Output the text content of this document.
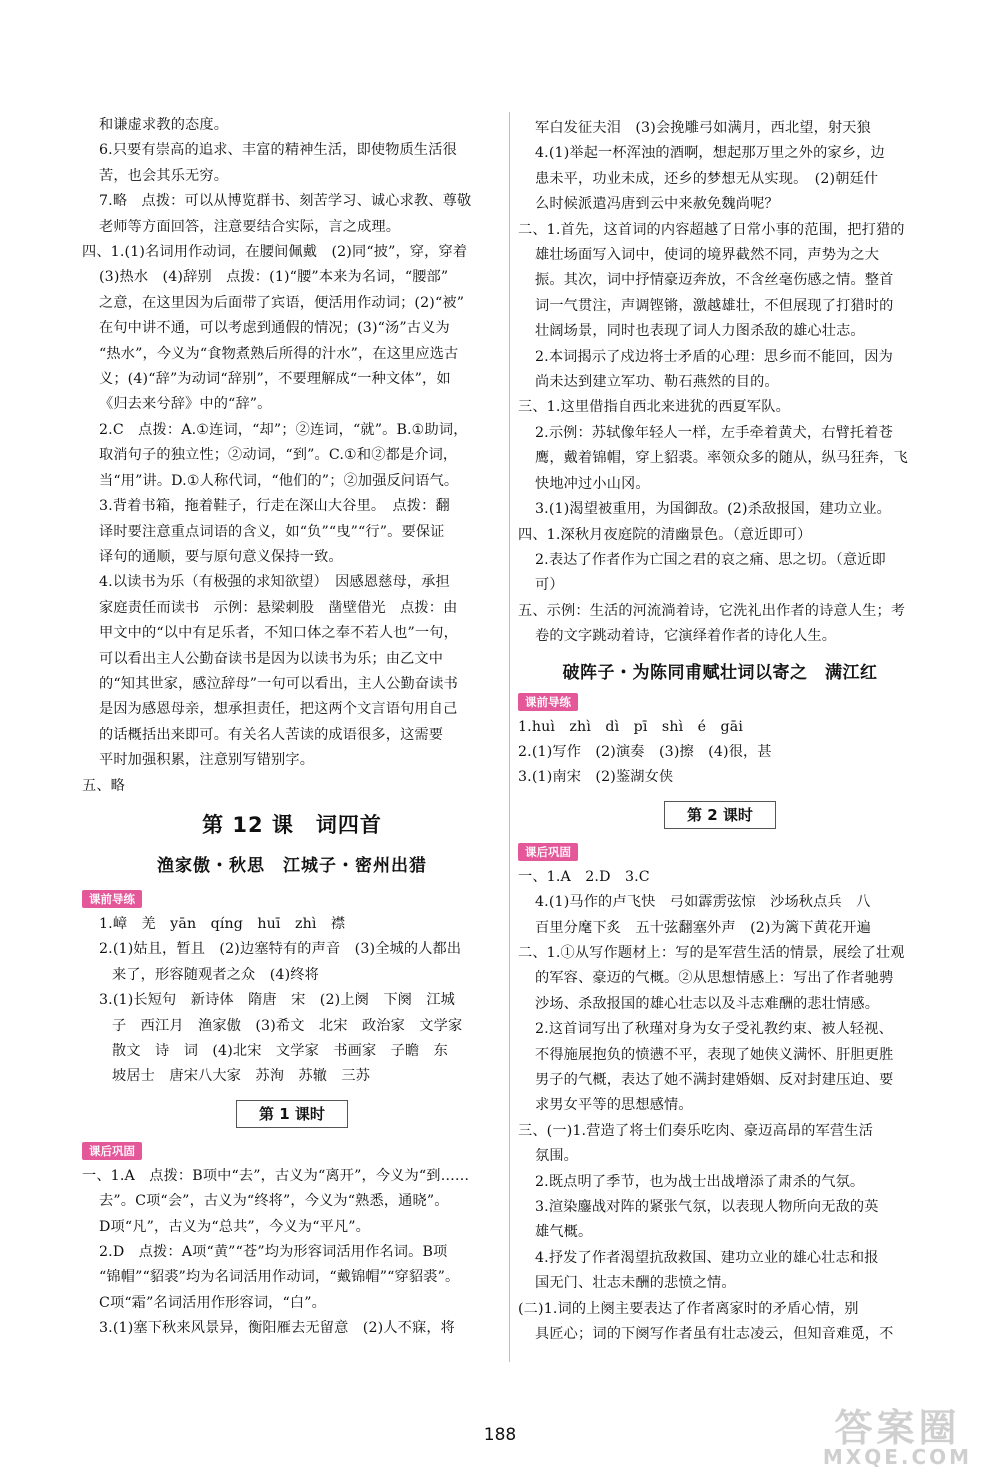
和谦虚求教的态度。
6.只要有崇高的追求、丰富的精神生活，即使物质生活很
苦，也会其乐无穷。
7.略　点拨：可以从博览群书、刻苦学习、诚心求教、尊敬
老师等方面回答，注意要结合实际，言之成理。
四、1.(1)名词用作动词，在腰间佩戴　(2)同“披”，穿，穿着
(3)热水　(4)辞别　点拨：(1)“腰”本来为名词，“腰部”
之意，在这里因为后面带了宾语，便活用作动词；(2)“被”
在句中讲不通，可以考虑到通假的情况；(3)“汤”古义为
“热水”，今义为“食物煮熟后所得的汁水”，在这里应选古
义；(4)“辞”为动词“辞别”，不要理解成“一种文体”，如
《归去来兮辞》中的“辞”。
2.C　点拨：A.①连词，“却”；②连词，“就”。B.①助词，
取消句子的独立性；②动词，“到”。C.①和②都是介词，
当“用”讲。D.①人称代词，“他们的”；②加强反问语气。
3.背着书箱，拖着鞋子，行走在深山大谷里。　点拨：翻
译时要注意重点词语的含义，如“负”“曳”“行”。要保证
译句的通顺，要与原句意义保持一致。
4.以读书为乐（有极强的求知欲望）　因感恩慈母，承担
家庭责任而读书　示例：悬梁刺股　凿壁借光　点拨：由
甲文中的“以中有足乐者，不知口体之奉不若人也”一句，
可以看出主人公勤奋读书是因为以读书为乐；由乙文中
的“知其世家，感泣辞母”一句可以看出，主人公勤奋读书
是因为感恩母亲，想承担责任，把这两个文言语句用自己
的话概括出来即可。有关名人苦读的成语很多，这需要
平时加强积累，注意别写错别字。
五、略
第 12 课　词四首
渔家傲・秋思　江城子・密州出猎
课前导练
1.嶂　羌　yān　qíng　huī　zhì　襟
2.(1)姑且，暂且　(2)边塞特有的声音　(3)全城的人都出
来了，形容随观者之众　(4)终将
3.(1)长短句　新诗体　隋唐　宋　(2)上阕　下阕　江城
子　西江月　渔家傲　(3)希文　北宋　政治家　文学家
散文　诗　词　(4)北宋　文学家　书画家　子瞻　东
坡居士　唐宋八大家　苏洵　苏辙　三苏
第 1 课时
课后巩固
一、1.A　点拨：B项中“去”，古义为“离开”，今义为“到……
去”。C项“会”，古义为“终将”，今义为“熟悉，通晓”。
D项“凡”，古义为“总共”，今义为“平凡”。
2.D　点拨：A项“黄”“苍”均为形容词活用作名词。B项
“锦帽”“貂裘”均为名词活用作动词，“戴锦帽”“穿貂裘”。
C项“霜”名词活用作形容词，“白”。
3.(1)塞下秋来风景异，衡阳雁去无留意　(2)人不寐，将
军白发征夫泪　(3)会挽雕弓如满月，西北望，射天狼
4.(1)举起一杯浑浊的酒啊，想起那万里之外的家乡，边
患未平，功业未成，还乡的梦想无从实现。　(2)朝廷什
么时候派遣冯唐到云中来赦免魏尚呢？
二、1.首先，这首词的内容超越了日常小事的范围，把打猎的
雄壮场面写入词中，使词的境界截然不同，声势为之大
振。其次，词中抒情豪迈奔放，不含丝毫伤感之情。整首
词一气贯注，声调铿锵，激越雄壮，不但展现了打猎时的
壮阔场景，同时也表现了词人力图杀敌的雄心壮志。
2.本词揭示了戍边将士矛盾的心理：思乡而不能回，因为
尚未达到建立军功、勒石燕然的目的。
三、1.这里借指自西北来进犹的西夏军队。
2.示例：苏轼像年轻人一样，左手牵着黄犬，右臂托着苍
鹰，戴着锦帽，穿上貂裘。率领众多的随从，纵马狂奔，飞
快地冲过小山冈。
3.(1)渴望被重用，为国御敌。(2)杀敌报国，建功立业。
四、1.深秋月夜庭院的清幽景色。（意近即可）
2.表达了作者作为亡国之君的哀之痛、思之切。（意近即
可）
五、示例：生活的河流淌着诗，它洗礼出作者的诗意人生；考
卷的文字跳动着诗，它演绎着作者的诗化人生。
破阵子・为陈同甫赋壮词以寄之　满江红
课前导练
1.huì　zhì　dì　pī　shì　é　gāi
2.(1)写作　(2)演奏　(3)擦　(4)很，甚
3.(1)南宋　(2)鉴湖女侠
第 2 课时
课后巩固
一、1.A　2.D　3.C
4.(1)马作的卢飞快　弓如霹雳弦惊　沙场秋点兵　八
百里分麾下炙　五十弦翻塞外声　(2)为篱下黄花开遍
二、1.①从写作题材上：写的是军营生活的情景，展绘了壮观
的军容、豪迈的气概。②从思想情感上：写出了作者驰骋
沙场、杀敌报国的雄心壮志以及斗志难酬的悲壮情感。
2.这首词写出了秋瑾对身为女子受礼教约束、被人轻视、
不得施展抱负的愤懑不平，表现了她侠义满怀、肝胆更胜
男子的气概，表达了她不满封建婚姻、反对封建压迫、要
求男女平等的思想感情。
三、(一)1.营造了将士们奏乐吃肉、豪迈高昂的军营生活
氛围。
2.既点明了季节，也为战士出战增添了肃杀的气氛。
3.渲染鏖战对阵的紧张气氛，以表现人物所向无敌的英
雄气概。
4.抒发了作者渴望抗敌救国、建功立业的雄心壮志和报
国无门、壮志未酬的悲愤之情。
(二)1.词的上阕主要表达了作者离家时的矛盾心情，别
具匠心；词的下阕写作者虽有壮志凌云，但知音难觅，不
188	答案圈
MXQE.COM
